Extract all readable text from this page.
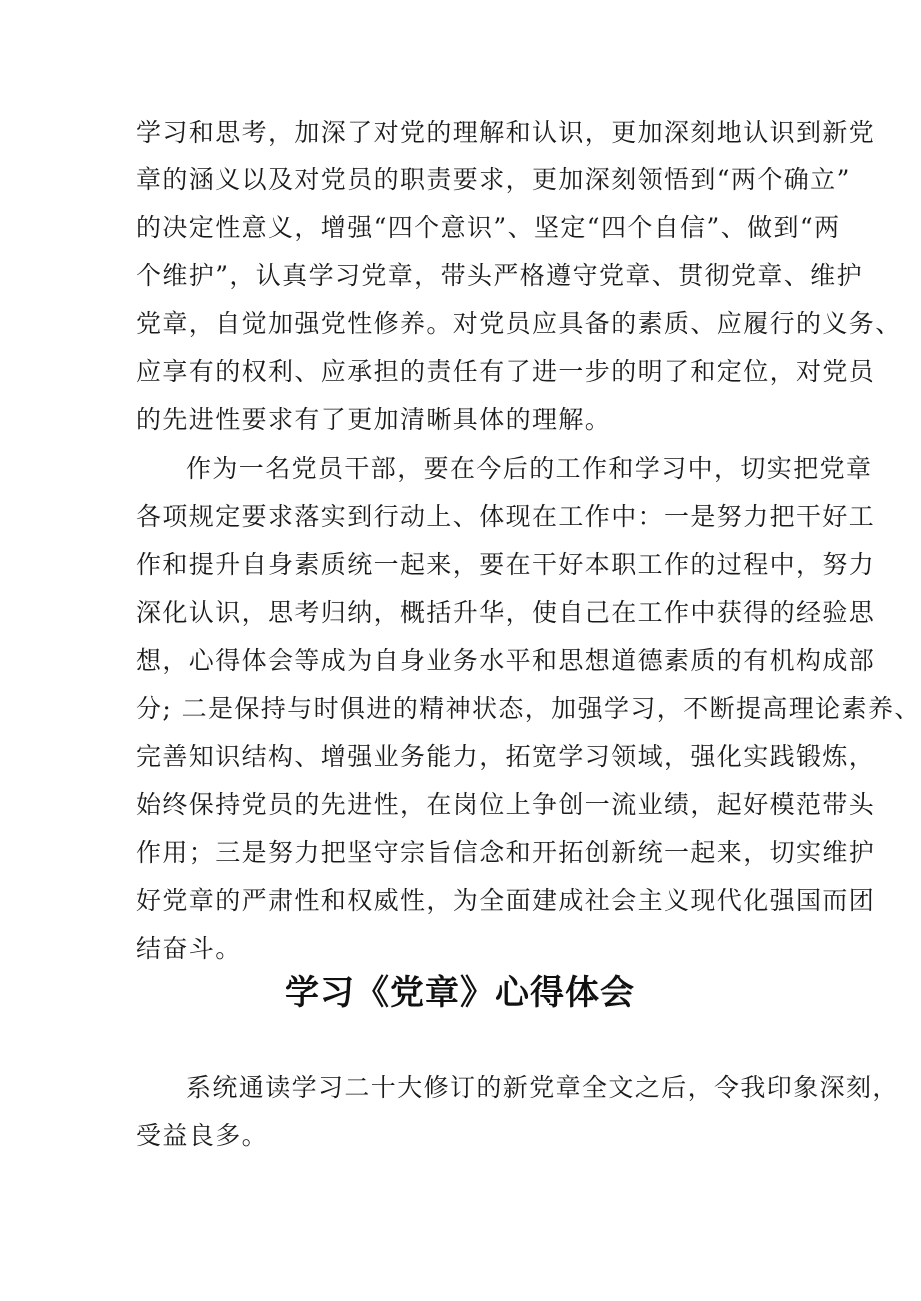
学习和思考，加深了对党的理解和认识，更加深刻地认识到新党
章的涵义以及对党员的职责要求，更加深刻领悟到“两个确立”
的决定性意义，增强“四个意识”、坚定“四个自信”、做到“两
个维护”，认真学习党章，带头严格遵守党章、贯彻党章、维护
党章，自觉加强党性修养。对党员应具备的素质、应履行的义务、
应享有的权利、应承担的责任有了进一步的明了和定位，对党员
的先进性要求有了更加清晰具体的理解。
作为一名党员干部，要在今后的工作和学习中，切实把党章
各项规定要求落实到行动上、体现在工作中：一是努力把干好工
作和提升自身素质统一起来，要在干好本职工作的过程中，努力
深化认识，思考归纳，概括升华，使自己在工作中获得的经验思
想，心得体会等成为自身业务水平和思想道德素质的有机构成部
分; 二是保持与时俱进的精神状态，加强学习，不断提高理论素养、
完善知识结构、增强业务能力，拓宽学习领域，强化实践锻炼，
始终保持党员的先进性，在岗位上争创一流业绩，起好模范带头
作用；三是努力把坚守宗旨信念和开拓创新统一起来，切实维护
好党章的严肃性和权威性，为全面建成社会主义现代化强国而团
结奋斗。
学习《党章》心得体会
系统通读学习二十大修订的新党章全文之后，令我印象深刻，
受益良多。
